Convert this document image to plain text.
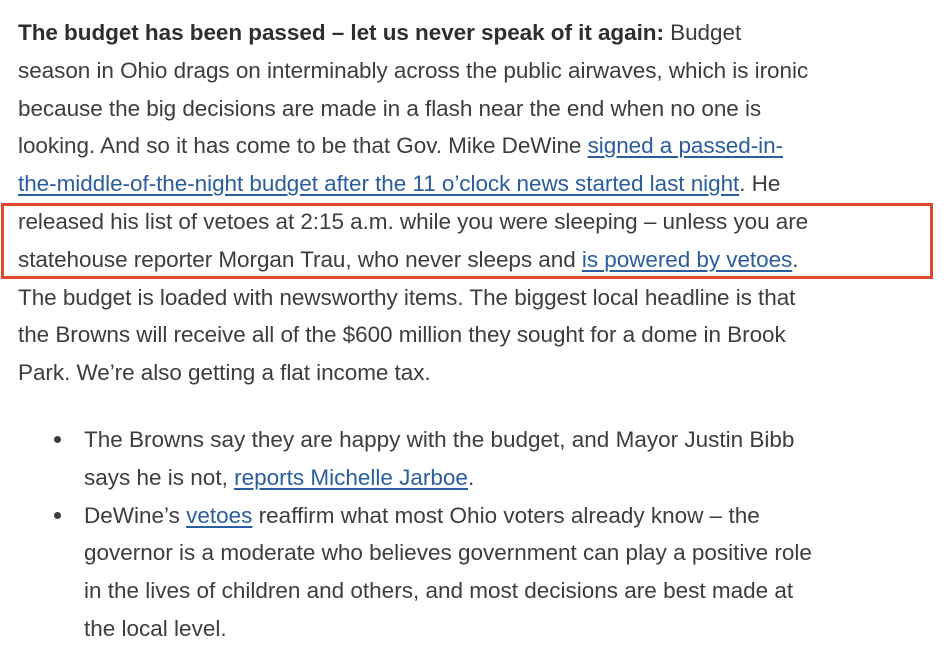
The budget has been passed – let us never speak of it again: Budget
season in Ohio drags on interminably across the public airwaves, which is ironic
because the big decisions are made in a flash near the end when no one is
looking. And so it has come to be that Gov. Mike DeWine signed a passed-in-
the-middle-of-the-night budget after the 11 o’clock news started last night. He
released his list of vetoes at 2:15 a.m. while you were sleeping – unless you are
statehouse reporter Morgan Trau, who never sleeps and is powered by vetoes.
The budget is loaded with newsworthy items. The biggest local headline is that
the Browns will receive all of the $600 million they sought for a dome in Brook
Park. We’re also getting a flat income tax.

The Browns say they are happy with the budget, and Mayor Justin Bibb
says he is not, reports Michelle Jarboe.
DeWine’s vetoes reaffirm what most Ohio voters already know – the
governor is a moderate who believes government can play a positive role
in the lives of children and others, and most decisions are best made at
the local level.
